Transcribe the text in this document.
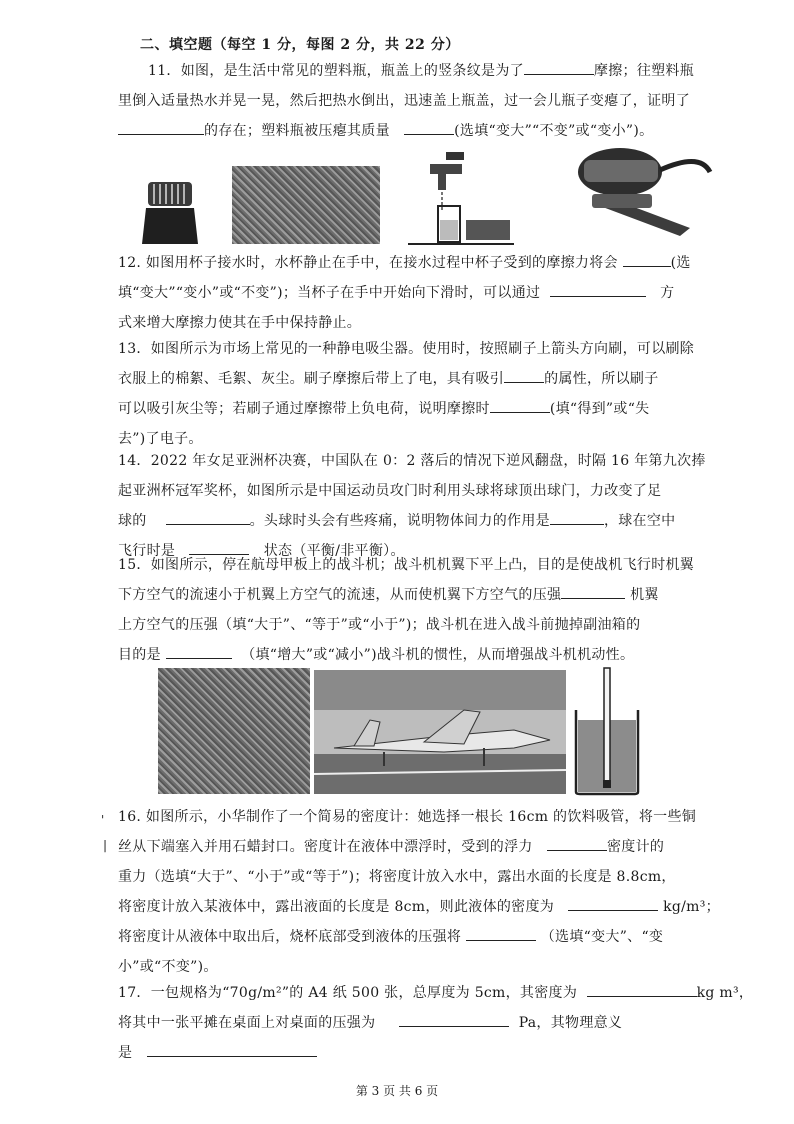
二、填空题（每空 1 分，每图 2 分，共 22 分）

11．如图，是生活中常见的塑料瓶，瓶盖上的竖条纹是为了	摩擦；往塑料瓶

里倒入适量热水并晃一晃，然后把热水倒出，迅速盖上瓶盖，过一会儿瓶子变瘪了，证明了

的存在；塑料瓶被压瘪其质量	(选填“变大”“不变”或“变小”)。

12. 如图用杯子接水时，水杯静止在手中，在接水过程中杯子受到的摩擦力将会	(选

填“变大”“变小”或“不变”)；当杯子在手中开始向下滑时，可以通过	方

式来增大摩擦力使其在手中保持静止。

13．如图所示为市场上常见的一种静电吸尘器。使用时，按照刷子上箭头方向刷，可以刷除

衣服上的棉絮、毛絮、灰尘。刷子摩擦后带上了电，具有吸引	的属性，所以刷子

可以吸引灰尘等；若刷子通过摩擦带上负电荷，说明摩擦时	(填“得到”或“失

去”)了电子。

14．2022 年女足亚洲杯决赛，中国队在 0：2 落后的情况下逆风翻盘，时隔 16 年第九次捧

起亚洲杯冠军奖杯，如图所示是中国运动员攻门时利用头球将球顶出球门，力改变了足

球的	。头球时头会有些疼痛，说明物体间力的作用是	，球在空中

飞行时是	状态（平衡/非平衡）。

15．如图所示，停在航母甲板上的战斗机；战斗机机翼下平上凸，目的是使战机飞行时机翼

下方空气的流速小于机翼上方空气的流速，从而使机翼下方空气的压强	机翼

上方空气的压强（填“大于”、“等于”或“小于”)；战斗机在进入战斗前抛掉副油箱的

目的是	（填“增大”或“减小”)战斗机的惯性，从而增强战斗机机动性。

'
|

16. 如图所示，小华制作了一个简易的密度计：她选择一根长 16cm 的饮料吸管，将一些铜

丝从下端塞入并用石蜡封口。密度计在液体中漂浮时，受到的浮力	密度计的

重力（选填“大于”、“小于”或“等于”)；将密度计放入水中，露出水面的长度是 8.8cm，

将密度计放入某液体中，露出液面的长度是 8cm，则此液体的密度为	kg/m³；

将密度计从液体中取出后，烧杯底部受到液体的压强将	（选填“变大”、“变

小”或“不变”)。

17．一包规格为“70g/m²”的 A4 纸 500 张，总厚度为 5cm，其密度为	kg m³，

将其中一张平摊在桌面上对桌面的压强为	Pa，其物理意义

是

第 3 页 共 6 页
